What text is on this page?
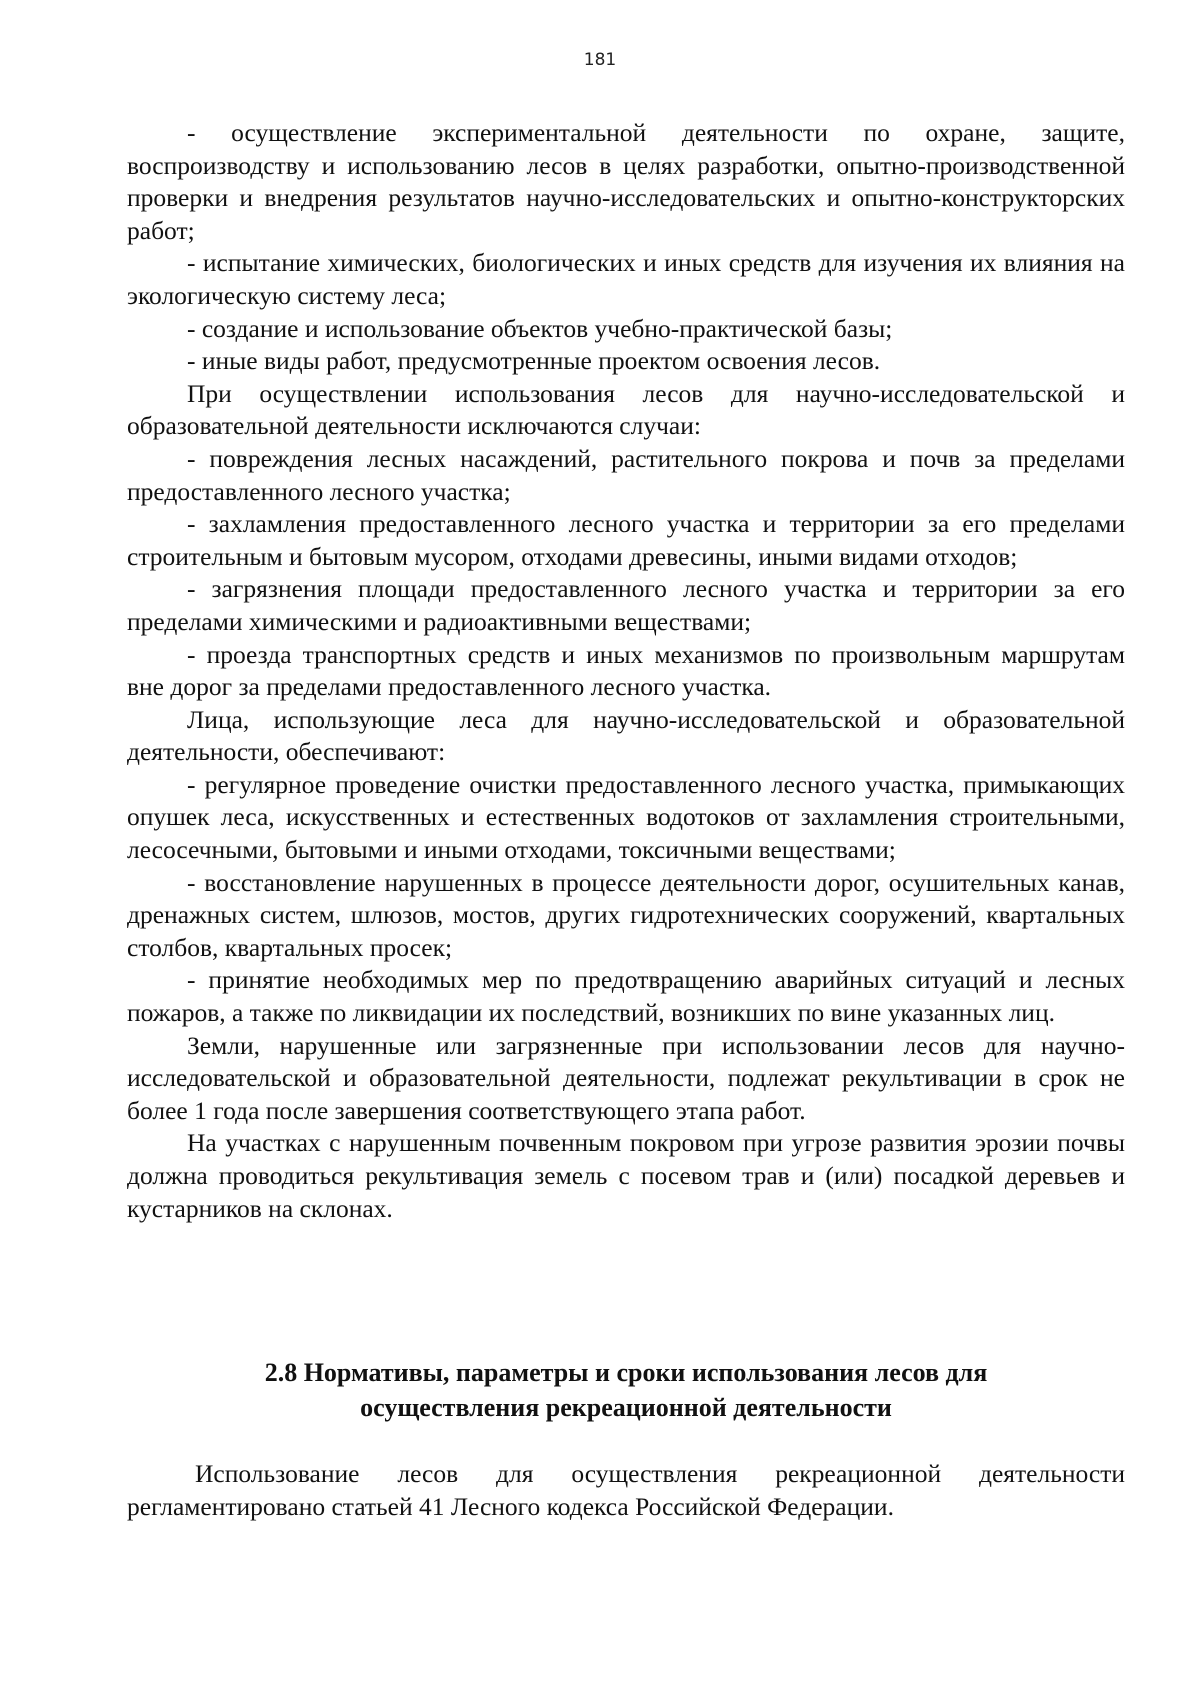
181

- осуществление экспериментальной деятельности по охране, защите, воспроизводству и использованию лесов в целях разработки, опытно-производственной проверки и внедрения результатов научно-исследовательских и опытно-конструкторских работ;

- испытание химических, биологических и иных средств для изучения их влияния на экологическую систему леса;

- создание и использование объектов учебно-практической базы;

- иные виды работ, предусмотренные проектом освоения лесов.

При осуществлении использования лесов для научно-исследовательской и образовательной деятельности исключаются случаи:

- повреждения лесных насаждений, растительного покрова и почв за пределами предоставленного лесного участка;

- захламления предоставленного лесного участка и территории за его пределами строительным и бытовым мусором, отходами древесины, иными видами отходов;

- загрязнения площади предоставленного лесного участка и территории за его пределами химическими и радиоактивными веществами;

- проезда транспортных средств и иных механизмов по произвольным маршрутам вне дорог за пределами предоставленного лесного участка.

Лица, использующие леса для научно-исследовательской и образовательной деятельности, обеспечивают:

- регулярное проведение очистки предоставленного лесного участка, примыкающих опушек леса, искусственных и естественных водотоков от захламления строительными, лесосечными, бытовыми и иными отходами, токсичными веществами;

- восстановление нарушенных в процессе деятельности дорог, осушительных канав, дренажных систем, шлюзов, мостов, других гидротехнических сооружений, квартальных столбов, квартальных просек;

- принятие необходимых мер по предотвращению аварийных ситуаций и лесных пожаров, а также по ликвидации их последствий, возникших по вине указанных лиц.

Земли, нарушенные или загрязненные при использовании лесов для научно-исследовательской и образовательной деятельности, подлежат рекультивации в срок не более 1 года после завершения соответствующего этапа работ.

На участках с нарушенным почвенным покровом при угрозе развития эрозии почвы должна проводиться рекультивация земель с посевом трав и (или) посадкой деревьев и кустарников на склонах.

2.8 Нормативы, параметры и сроки использования лесов для
осуществления рекреационной деятельности

Использование лесов для осуществления рекреационной деятельности регламентировано статьей 41 Лесного кодекса Российской Федерации.
